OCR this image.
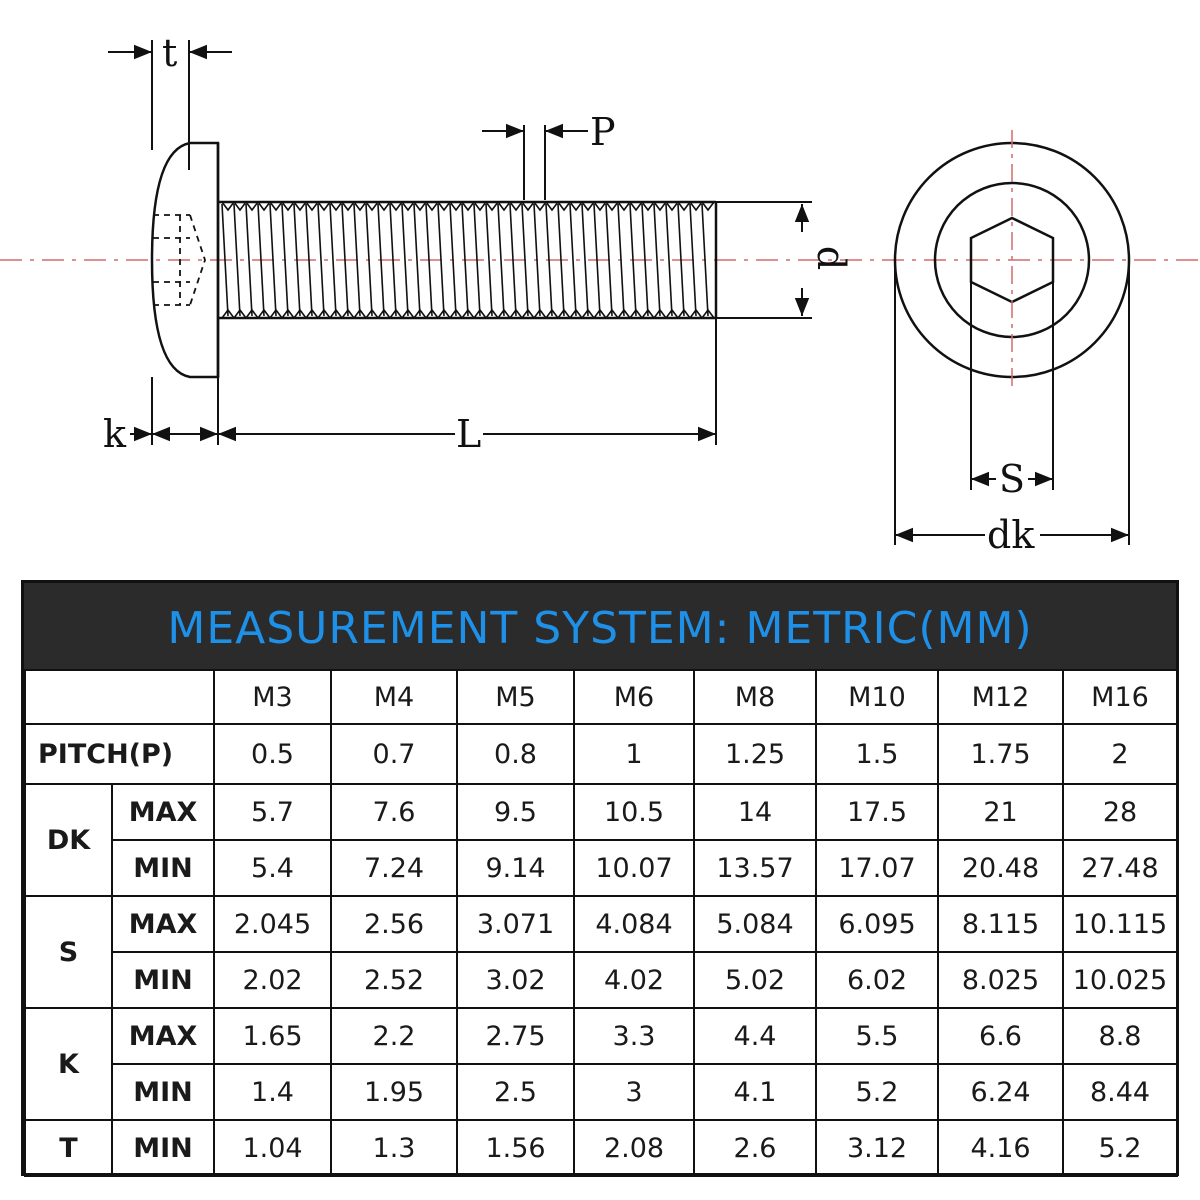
t
P
d
k	L
S
dk
MEASUREMENT SYSTEM: METRIC(MM)
		M3	M4	M5	M6	M8	M10	M12	M16
PITCH(P)		0.5	0.7	0.8	1	1.25	1.5	1.75	2
DK	MAX	5.7	7.6	9.5	10.5	14	17.5	21	28
	MIN	5.4	7.24	9.14	10.07	13.57	17.07	20.48	27.48
S	MAX	2.045	2.56	3.071	4.084	5.084	6.095	8.115	10.115
	MIN	2.02	2.52	3.02	4.02	5.02	6.02	8.025	10.025
K	MAX	1.65	2.2	2.75	3.3	4.4	5.5	6.6	8.8
	MIN	1.4	1.95	2.5	3	4.1	5.2	6.24	8.44
T	MIN	1.04	1.3	1.56	2.08	2.6	3.12	4.16	5.2
